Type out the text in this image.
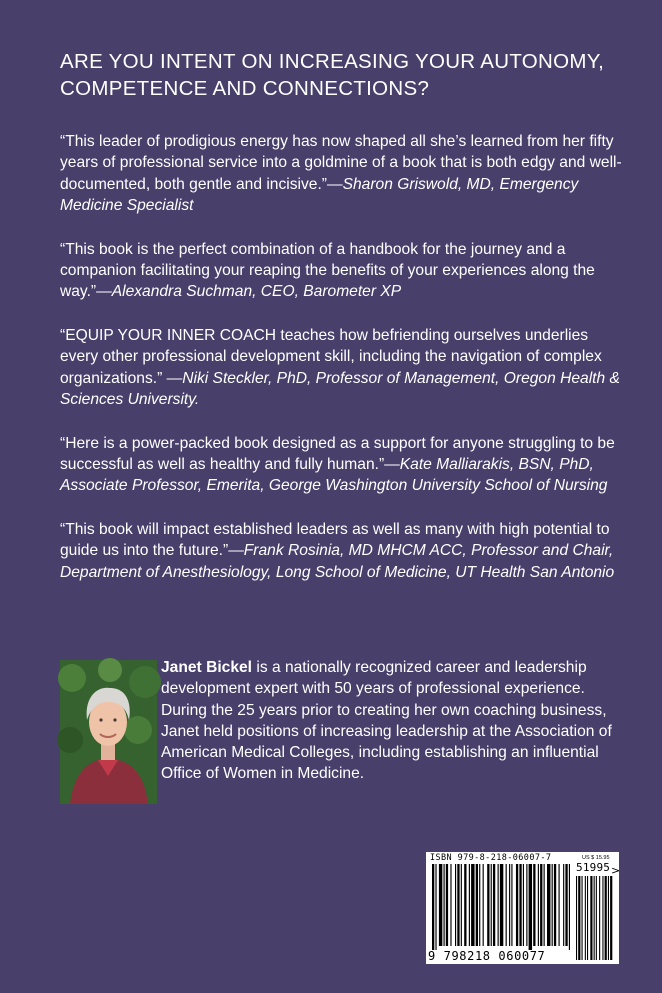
ARE YOU INTENT ON INCREASING YOUR AUTONOMY, COMPETENCE AND CONNECTIONS?

“This leader of prodigious energy has now shaped all she’s learned from her fifty years of professional service into a goldmine of a book that is both edgy and well-documented, both gentle and incisive.”—Sharon Griswold, MD, Emergency Medicine Specialist

“This book is the perfect combination of a handbook for the journey and a companion facilitating your reaping the benefits of your experiences along the way.”—Alexandra Suchman, CEO, Barometer XP

“EQUIP YOUR INNER COACH teaches how befriending ourselves underlies every other professional development skill, including the navigation of complex organizations.” —Niki Steckler, PhD, Professor of Management, Oregon Health & Sciences University.

“Here is a power-packed book designed as a support for anyone struggling to be successful as well as healthy and fully human.”—Kate Malliarakis, BSN, PhD, Associate Professor, Emerita, George Washington University School of Nursing

“This book will impact established leaders as well as many with high potential to guide us into the future.”—Frank Rosinia, MD MHCM ACC, Professor and Chair, Department of Anesthesiology, Long School of Medicine, UT Health San Antonio

Janet Bickel is a nationally recognized career and leadership development expert with 50 years of professional experience. During the 25 years prior to creating her own coaching business, Janet held positions of increasing leadership at the Association of American Medical Colleges, including establishing an influential Office of Women in Medicine.

ISBN 979-8-218-06007-7	US $ 15.95
51995 >
9 798218 060077
